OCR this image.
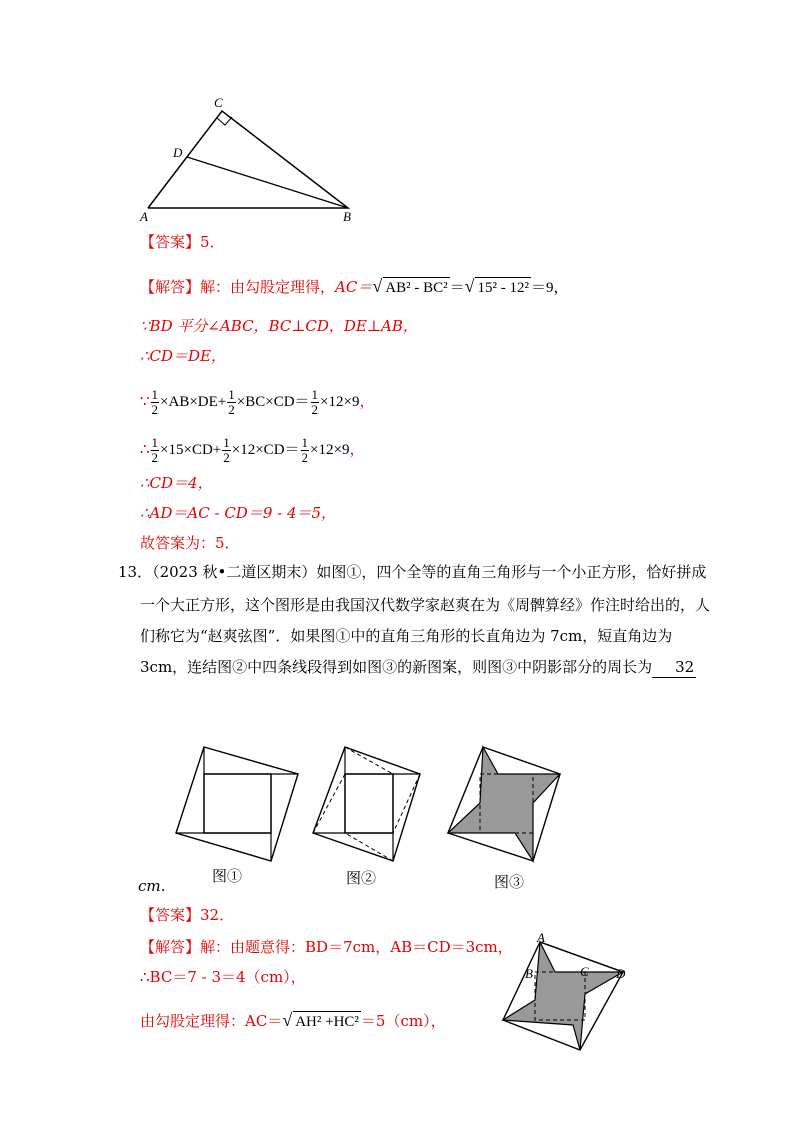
C
D
A	B
【答案】5．
【解答】解：由勾股定理得，AC＝√ AB² - BC² ＝√ 15² - 12² ＝9，
∵BD 平分∠ABC，BC⊥CD，DE⊥AB，
∴CD＝DE，
∵ $\frac{1}{2} \times AB\times DE+ \frac{1}{2} \times BC\times CD= \frac{1}{2} \times 12\times 9$，
∴ $\frac{1}{2} \times 15\times CD+ \frac{1}{2} \times 12\times CD= \frac{1}{2} \times 12\times 9$，
∴CD＝4，
∴AD＝AC - CD＝9 - 4＝5，
故答案为：5．
13．（2023 秋•二道区期末）如图①，四个全等的直角三角形与一个小正方形，恰好拼成
一个大正方形，这个图形是由我国汉代数学家赵爽在为《周髀算经》作注时给出的，人
们称它为“赵爽弦图”．如果图①中的直角三角形的长直角边为 7cm，短直角边为
3cm，连结图②中四条线段得到如图③的新图案，则图③中阴影部分的周长为 32
cm．
图①	图②	图③
【答案】32．
【解答】解：由题意得：BD＝7cm，AB＝CD＝3cm，
∴BC＝7 - 3＝4（cm），
由勾股定理得：AC＝√ AH² +HC² ＝5（cm），
A
B	C D
